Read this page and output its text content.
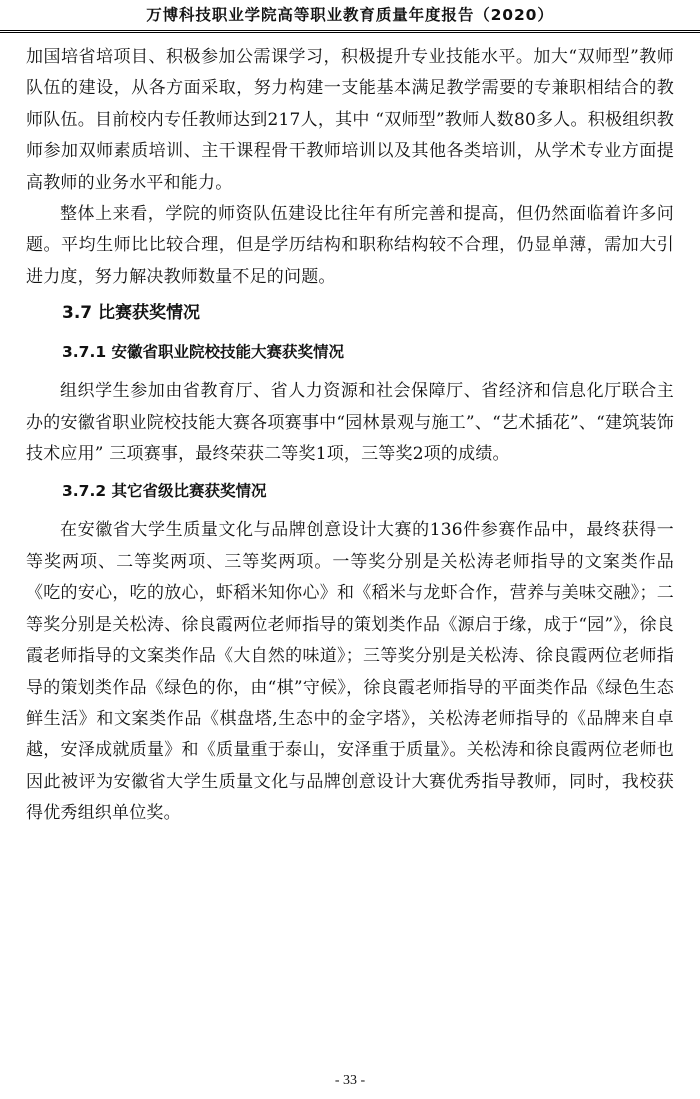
万博科技职业学院高等职业教育质量年度报告（2020）

加国培省培项目、积极参加公需课学习，积极提升专业技能水平。加大“双师型”教师队伍的建设，从各方面采取，努力构建一支能基本满足教学需要的专兼职相结合的教师队伍。目前校内专任教师达到217人，其中 “双师型”教师人数80多人。积极组织教师参加双师素质培训、主干课程骨干教师培训以及其他各类培训，从学术专业方面提高教师的业务水平和能力。

整体上来看，学院的师资队伍建设比往年有所完善和提高，但仍然面临着许多问题。平均生师比比较合理，但是学历结构和职称结构较不合理，仍显单薄，需加大引进力度，努力解决教师数量不足的问题。

3.7 比赛获奖情况
3.7.1 安徽省职业院校技能大赛获奖情况

组织学生参加由省教育厅、省人力资源和社会保障厅、省经济和信息化厅联合主办的安徽省职业院校技能大赛各项赛事中“园林景观与施工”、“艺术插花”、“建筑装饰技术应用” 三项赛事，最终荣获二等奖1项，三等奖2项的成绩。

3.7.2 其它省级比赛获奖情况

在安徽省大学生质量文化与品牌创意设计大赛的136件参赛作品中，最终获得一等奖两项、二等奖两项、三等奖两项。一等奖分别是关松涛老师指导的文案类作品《吃的安心，吃的放心，虾稻米知你心》和《稻米与龙虾合作，营养与美味交融》；二等奖分别是关松涛、徐良霞两位老师指导的策划类作品《源启于缘，成于“园”》，徐良霞老师指导的文案类作品《大自然的味道》；三等奖分别是关松涛、徐良霞两位老师指导的策划类作品《绿色的你，由“棋”守候》，徐良霞老师指导的平面类作品《绿色生态鲜生活》和文案类作品《棋盘塔,生态中的金字塔》，关松涛老师指导的《品牌来自卓越，安泽成就质量》和《质量重于泰山，安泽重于质量》。关松涛和徐良霞两位老师也因此被评为安徽省大学生质量文化与品牌创意设计大赛优秀指导教师，同时，我校获得优秀组织单位奖。

- 33 -
